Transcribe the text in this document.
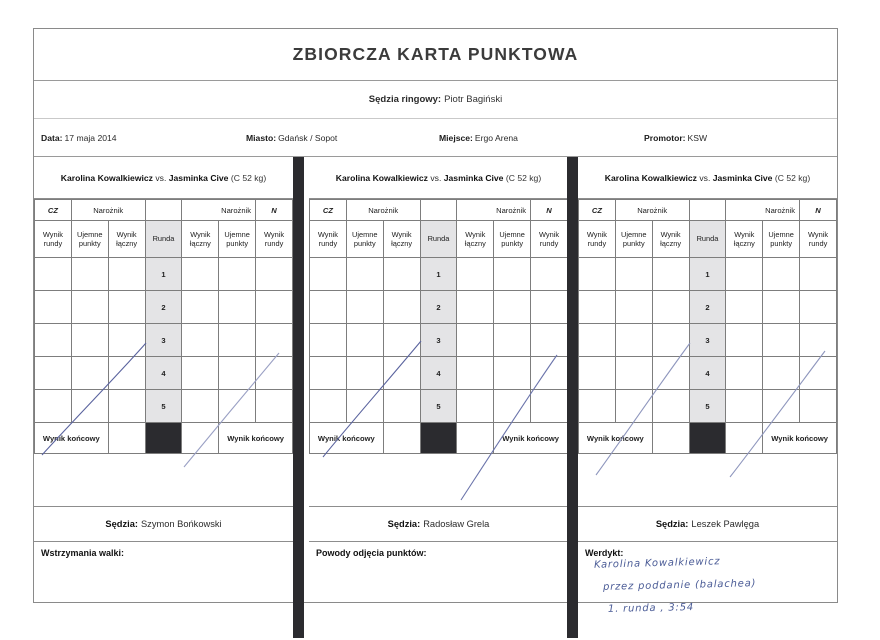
ZBIORCZA KARTA PUNKTOWA
Sędzia ringowy: Piotr Bagiński
Data: 17 maja 2014	Miasto: Gdańsk / Sopot	Miejsce: Ergo Arena	Promotor: KSW
Karolina Kowalkiewicz vs. Jasminka Cive (C 52 kg)
CZ	Narożnik			Narożnik		N
Wynik rundy	Ujemne punkty	Wynik łączny	Runda	Wynik łączny	Ujemne punkty	Wynik rundy
			1			
			2			
			3			
			4			
			5			
Wynik końcowy					Wynik końcowy	
Karolina Kowalkiewicz vs. Jasminka Cive (C 52 kg)
CZ	Narożnik			Narożnik		N
Wynik rundy	Ujemne punkty	Wynik łączny	Runda	Wynik łączny	Ujemne punkty	Wynik rundy
			1			
			2			
			3			
			4			
			5			
Wynik końcowy					Wynik końcowy	
Karolina Kowalkiewicz vs. Jasminka Cive (C 52 kg)
CZ	Narożnik			Narożnik		N
Wynik rundy	Ujemne punkty	Wynik łączny	Runda	Wynik łączny	Ujemne punkty	Wynik rundy
			1			
			2			
			3			
			4			
			5			
Wynik końcowy					Wynik końcowy	
Sędzia: Szymon Bońkowski	Sędzia: Radosław Grela	Sędzia: Leszek Pawlęga
Wstrzymania walki:	Powody odjęcia punktów:	Werdykt:
Karolina Kowalkiewicz
przez poddanie (balachea)
1. runda , 3:54
